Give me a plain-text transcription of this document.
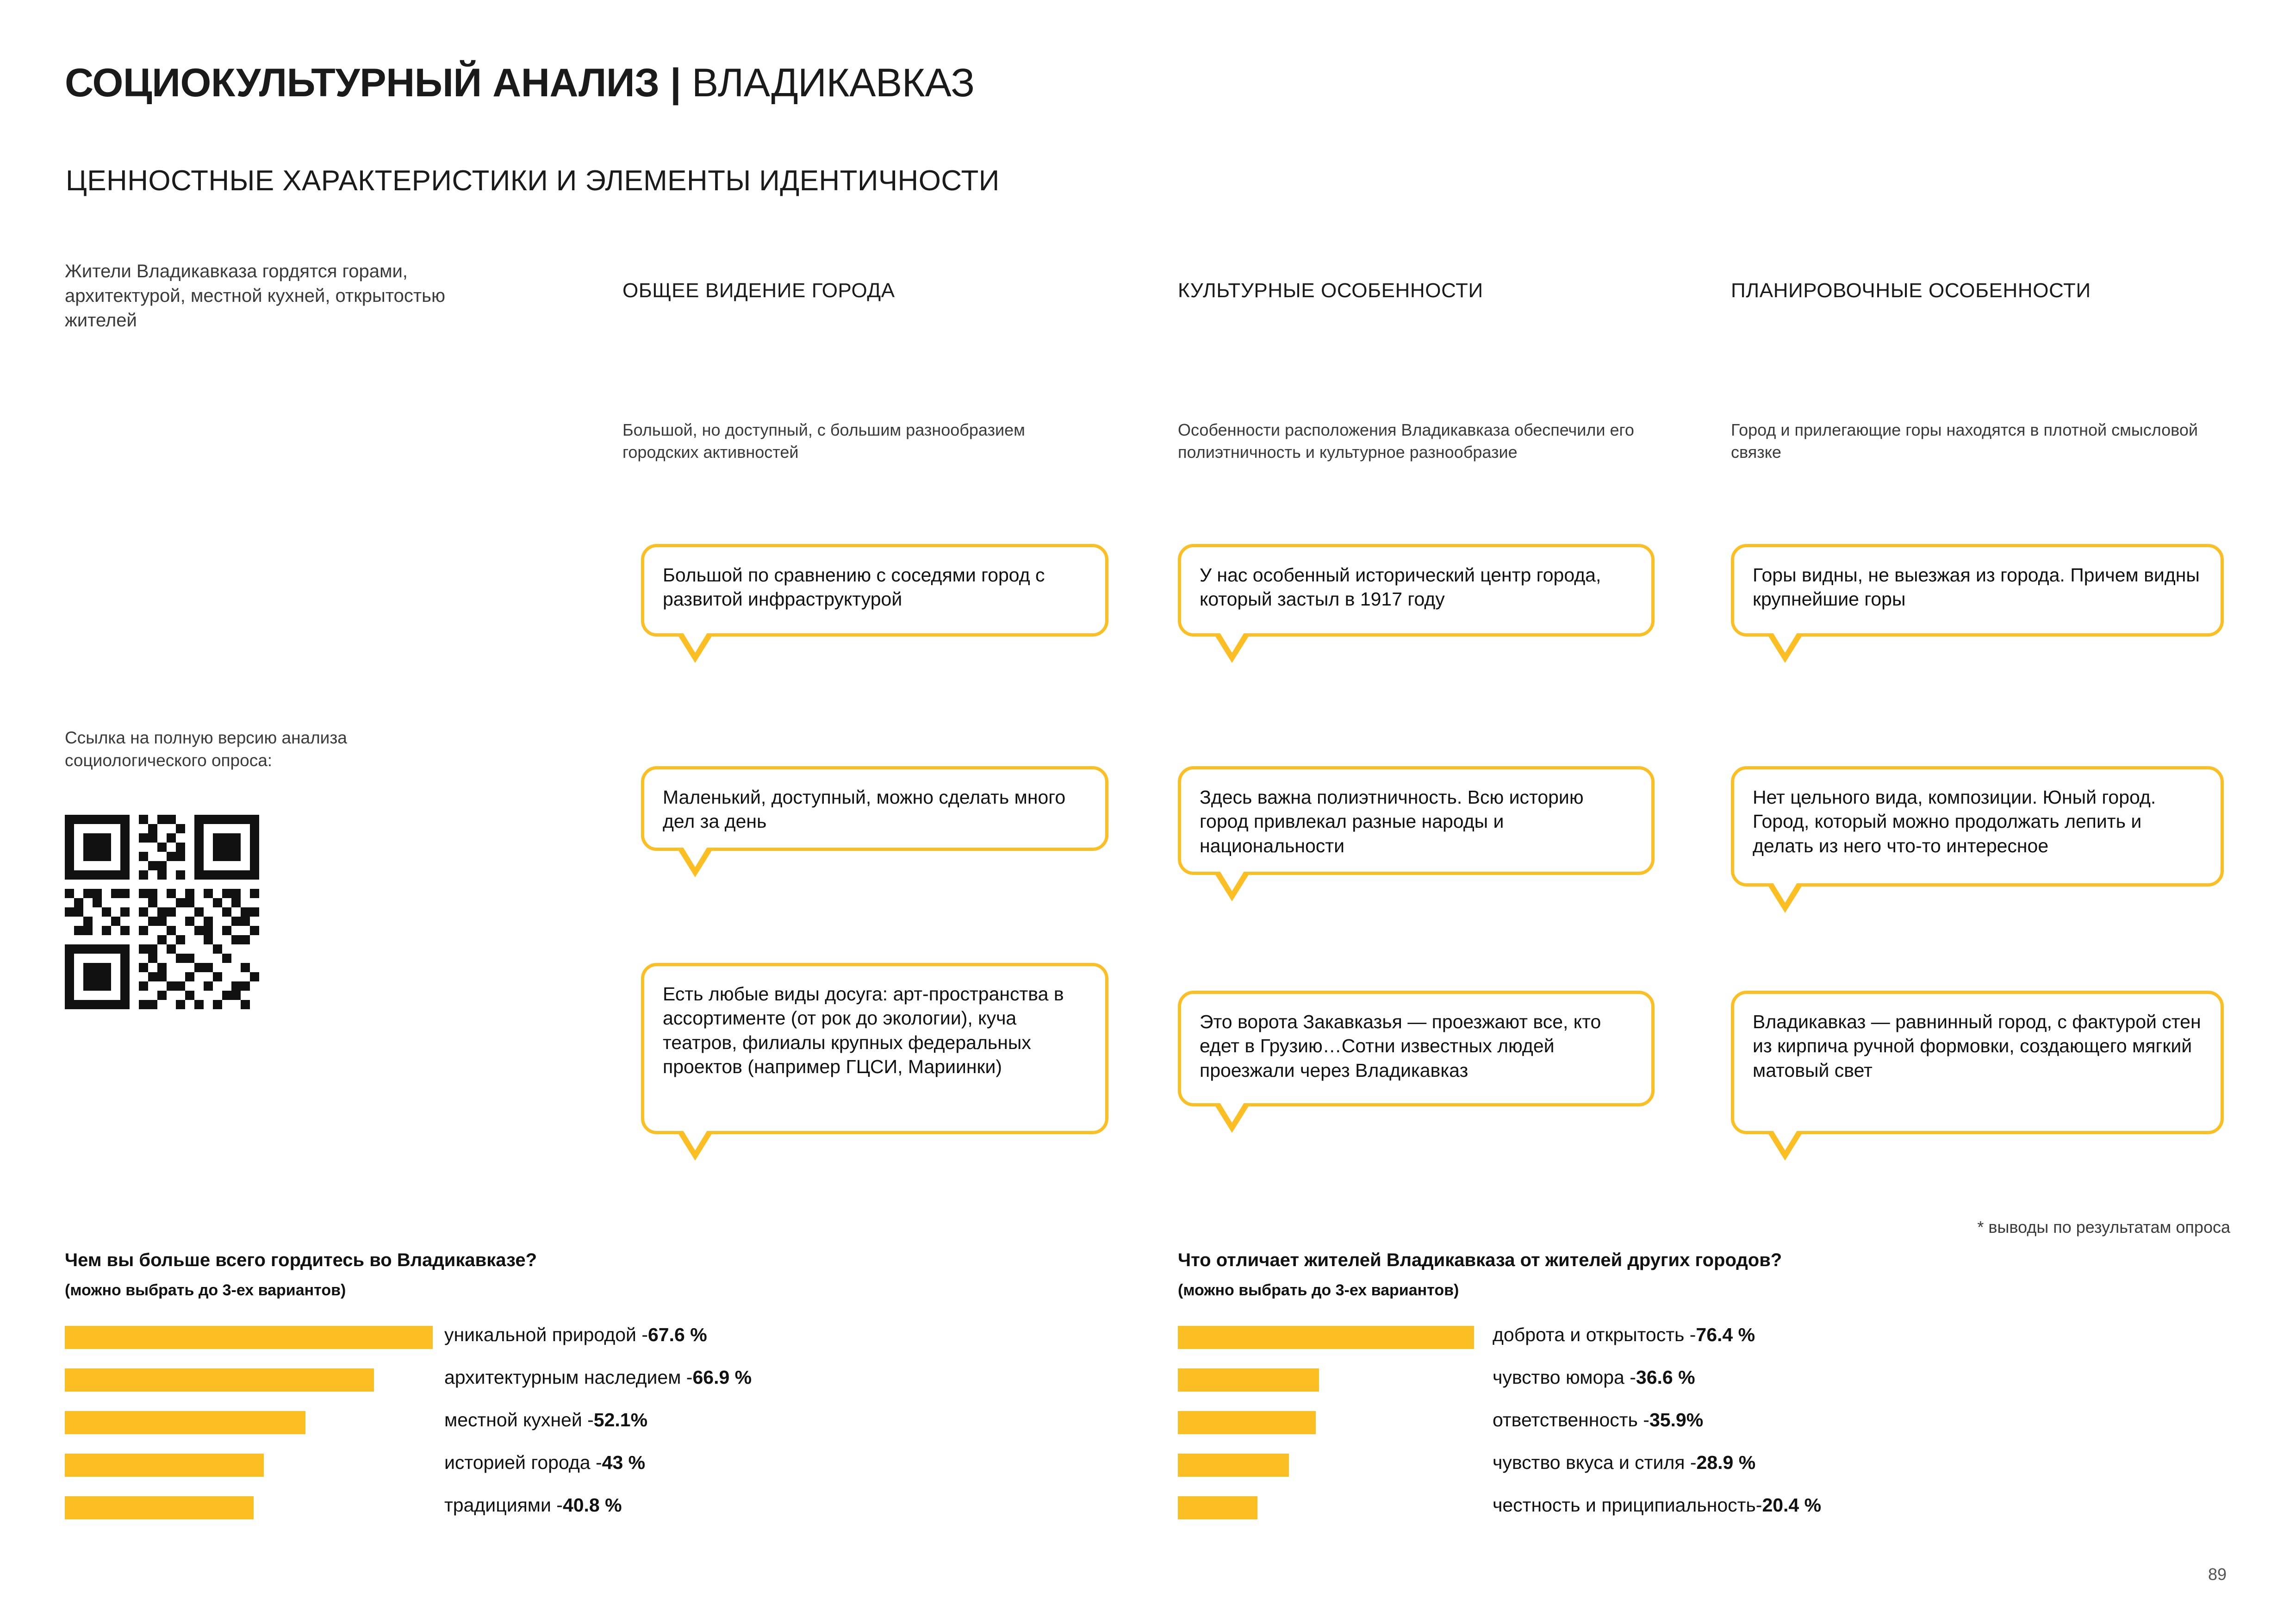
СОЦИОКУЛЬТУРНЫЙ АНАЛИЗ | ВЛАДИКАВКАЗ
ЦЕННОСТНЫЕ ХАРАКТЕРИСТИКИ И ЭЛЕМЕНТЫ ИДЕНТИЧНОСТИ
Жители Владикавказа гордятся горами, архитектурой, местной кухней, открытостью жителей
Ссылка на полную версию анализа социологического опроса:
ОБЩЕЕ ВИДЕНИЕ ГОРОДА	КУЛЬТУРНЫЕ ОСОБЕННОСТИ	ПЛАНИРОВОЧНЫЕ ОСОБЕННОСТИ
Большой, но доступный, с большим разнообразием городских активностей
Особенности расположения Владикавказа обеспечили его полиэтничность и культурное разнообразие
Город и прилегающие горы находятся в плотной смысловой связке
Большой по сравнению с соседями город с развитой инфраструктурой
Маленький, доступный, можно сделать много дел за день
Есть любые виды досуга: арт-пространства в ассортименте (от рок до экологии), куча театров, филиалы крупных федеральных проектов (например ГЦСИ, Мариинки)
У нас особенный исторический центр города, который застыл в 1917 году
Здесь важна полиэтничность. Всю историю город привлекал разные народы и национальности
Это ворота Закавказья — проезжают все, кто едет в Грузию…Сотни известных людей проезжали через Владикавказ
Горы видны, не выезжая из города. Причем видны крупнейшие горы
Нет цельного вида, композиции. Юный город. Город, который можно продолжать лепить и делать из него что-то интересное
Владикавказ — равнинный город, с фактурой стен из кирпича ручной формовки, создающего мягкий матовый свет
* выводы по результатам опроса
Чем вы больше всего гордитесь во Владикавказе?
(можно выбрать до 3-ех вариантов)
уникальной природой -67.6 %
архитектурным наследием -66.9 %
местной кухней -52.1%
историей города -43 %
традициями -40.8 %
Что отличает жителей Владикавказа от жителей других городов?
(можно выбрать до 3-ех вариантов)
доброта и открытость -76.4 %
чувство юмора -36.6 %
ответственность -35.9%
чувство вкуса и стиля -28.9 %
честность и приципиальность-20.4 %
89
